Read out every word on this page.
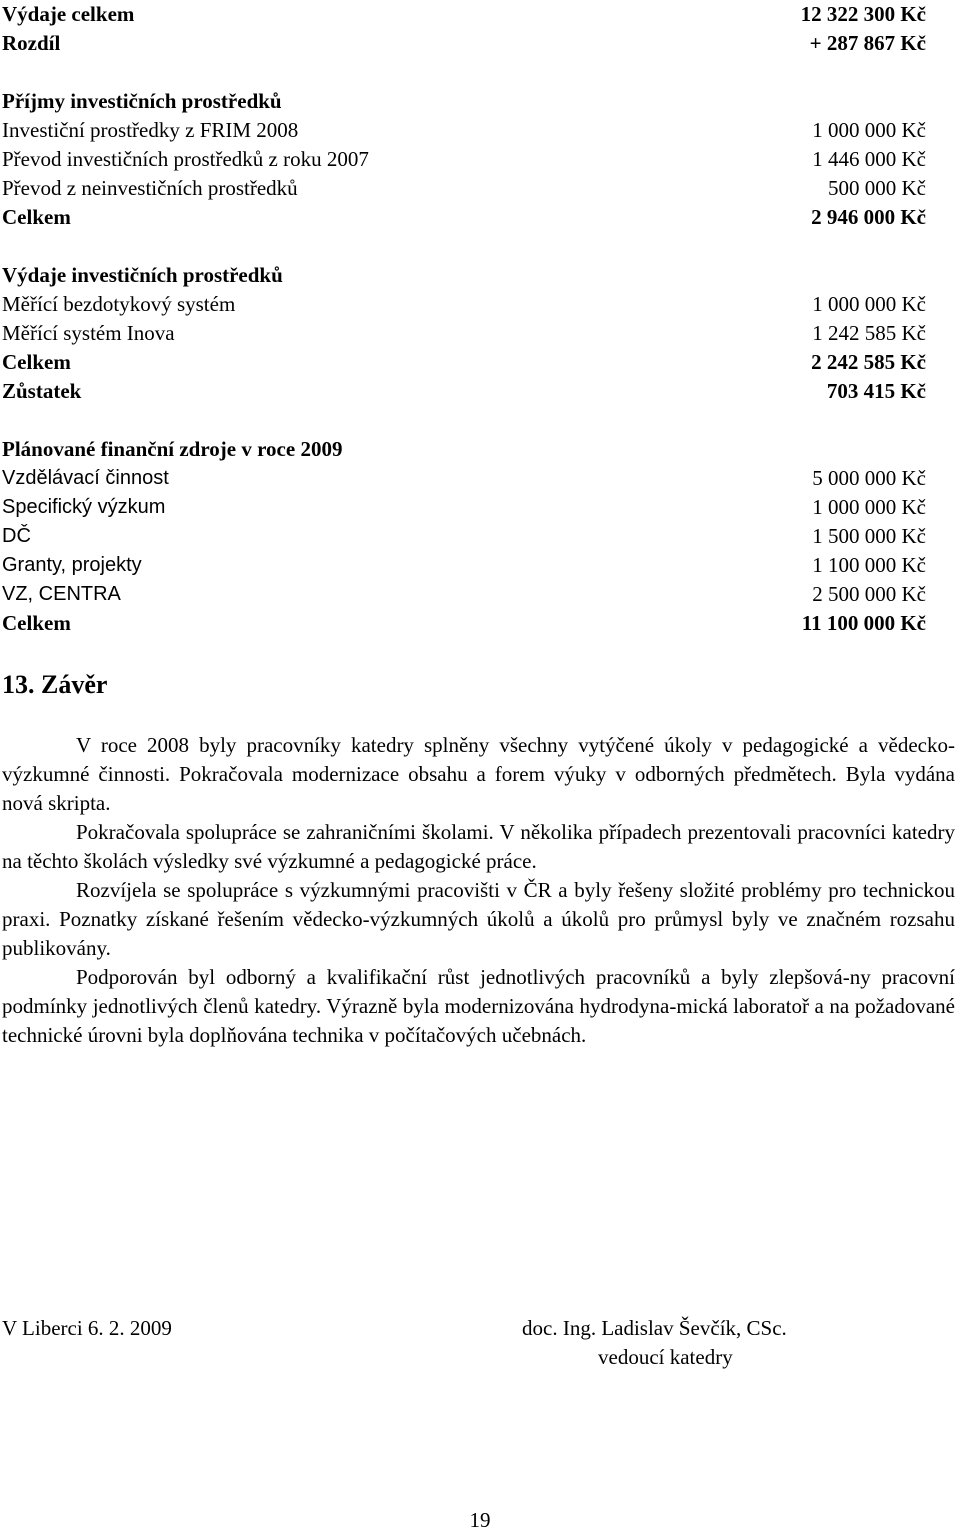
Výdaje celkem	12 322 300 Kč
Rozdíl	+ 287 867 Kč
Příjmy investičních prostředků
Investiční prostředky z FRIM 2008	1 000 000 Kč
Převod investičních prostředků z roku 2007	1 446 000 Kč
Převod z neinvestičních prostředků	500 000 Kč
Celkem	2 946 000 Kč
Výdaje investičních prostředků
Měřící bezdotykový systém	1 000 000 Kč
Měřící systém Inova	1 242 585 Kč
Celkem	2 242 585 Kč
Zůstatek	703 415 Kč
Plánované finanční zdroje v roce 2009
Vzdělávací činnost	5 000 000 Kč
Specifický výzkum	1 000 000 Kč
DČ	1 500 000 Kč
Granty, projekty	1 100 000 Kč
VZ, CENTRA	2 500 000 Kč
Celkem	11 100 000 Kč
13. Závěr

V roce 2008 byly pracovníky katedry splněny všechny vytýčené úkoly v pedagogické a vědecko-výzkumné činnosti. Pokračovala modernizace obsahu a forem výuky v odborných předmětech. Byla vydána nová skripta.

Pokračovala spolupráce se zahraničními školami. V několika případech prezentovali pracovníci katedry na těchto školách výsledky své výzkumné a pedagogické práce.

Rozvíjela se spolupráce s výzkumnými pracovišti v ČR a byly řešeny složité problémy pro technickou praxi. Poznatky získané řešením vědecko-výzkumných úkolů a úkolů pro průmysl byly ve značném rozsahu publikovány.

Podporován byl odborný a kvalifikační růst jednotlivých pracovníků a byly zlepšová-ny pracovní podmínky jednotlivých členů katedry. Výrazně byla modernizována hydrodyna-mická laboratoř a na požadované technické úrovni byla doplňována technika v počítačových učebnách.

V Liberci 6. 2. 2009	doc. Ing. Ladislav Ševčík, CSc.
vedoucí katedry
19
